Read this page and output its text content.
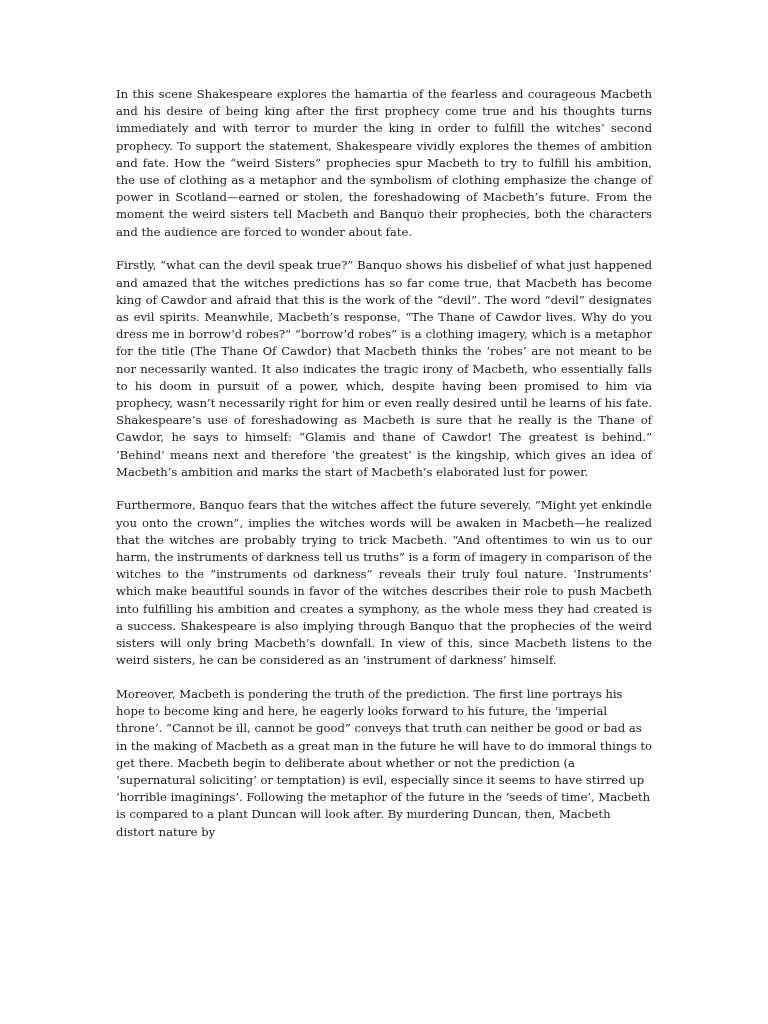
In this scene Shakespeare explores the hamartia of the fearless and courageous Macbeth and his desire of being king after the first prophecy come true and his thoughts turns immediately and with terror to murder the king in order to fulfill the witches’ second prophecy. To support the statement, Shakespeare vividly explores the themes of ambition and fate. How the “weird Sisters” prophecies spur Macbeth to try to fulfill his ambition, the use of clothing as a metaphor and the symbolism of clothing emphasize the change of power in Scotland—earned or stolen, the foreshadowing of Macbeth’s future. From the moment the weird sisters tell Macbeth and Banquo their prophecies, both the characters and the audience are forced to wonder about fate.

Firstly, “what can the devil speak true?” Banquo shows his disbelief of what just happened and amazed that the witches predictions has so far come true, that Macbeth has become king of Cawdor and afraid that this is the work of the “devil”. The word “devil” designates as evil spirits. Meanwhile, Macbeth’s response, “The Thane of Cawdor lives. Why do you dress me in borrow’d robes?” “borrow’d robes” is a clothing imagery, which is a metaphor for the title (The Thane Of Cawdor) that Macbeth thinks the ‘robes’ are not meant to be nor necessarily wanted. It also indicates the tragic irony of Macbeth, who essentially falls to his doom in pursuit of a power, which, despite having been promised to him via prophecy, wasn’t necessarily right for him or even really desired until he learns of his fate. Shakespeare’s use of foreshadowing as Macbeth is sure that he really is the Thane of Cawdor, he says to himself: “Glamis and thane of Cawdor! The greatest is behind.” ‘Behind’ means next and therefore ‘the greatest’ is the kingship, which gives an idea of Macbeth’s ambition and marks the start of Macbeth’s elaborated lust for power.

Furthermore, Banquo fears that the witches affect the future severely. “Might yet enkindle you onto the crown”, implies the witches words will be awaken in Macbeth—he realized that the witches are probably trying to trick Macbeth. “And oftentimes to win us to our harm, the instruments of darkness tell us truths” is a form of imagery in comparison of the witches to the “instruments od darkness” reveals their truly foul nature. ‘Instruments’ which make beautiful sounds in favor of the witches describes their role to push Macbeth into fulfilling his ambition and creates a symphony, as the whole mess they had created is a success. Shakespeare is also implying through Banquo that the prophecies of the weird sisters will only bring Macbeth’s downfall. In view of this, since Macbeth listens to the weird sisters, he can be considered as an ‘instrument of darkness’ himself.

Moreover, Macbeth is pondering the truth of the prediction. The first line portrays his hope to become king and here, he eagerly looks forward to his future, the ‘imperial throne’. “Cannot be ill, cannot be good” conveys that truth can neither be good or bad as in the making of Macbeth as a great man in the future he will have to do immoral things to get there. Macbeth begin to deliberate about whether or not the prediction (a ‘supernatural soliciting’ or temptation) is evil, especially since it seems to have stirred up ‘horrible imaginings’. Following the metaphor of the future in the ‘seeds of time’, Macbeth is compared to a plant Duncan will look after. By murdering Duncan, then, Macbeth distort nature by
